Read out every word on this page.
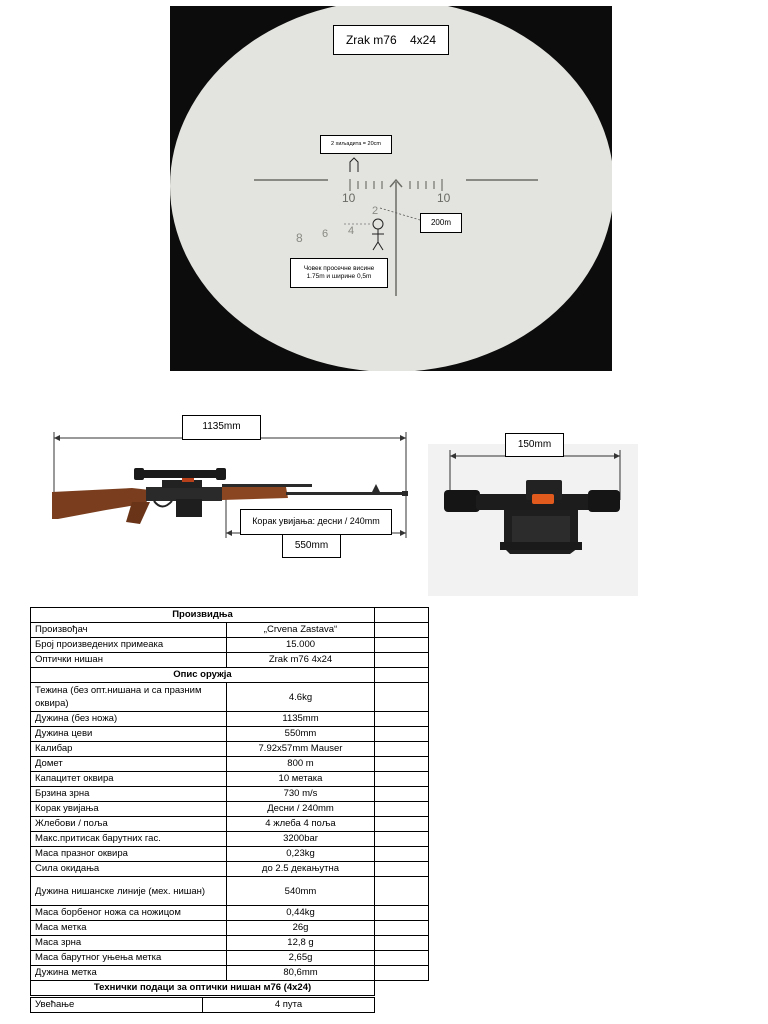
10	10
8 6 4
2
Zrak m76    4x24
2 хиљадита = 20cm
200m
Човек просечне висине
1.75m и ширине 0,5m
1135mm
Корак увијања: десни / 240mm
550mm
150mm
Произвидња		
Произвођач	„Crvena Zastava“	
Број произведених примеака	15.000	
Оптички нишан	Zrak m76 4x24	
Опис оружја		
Тежина (без опт.нишана и са празним оквира)	4.6kg	
Дужина (без ножа)	1135mm	
Дужина цеви	550mm	
Калибар	7.92x57mm Mauser	
Домет	800 m	
Капацитет оквира	10 метака	
Брзина зрна	730 m/s	
Корак увијања	Десни / 240mm	
Жлебови / поља	4 жлеба 4 поља	
Макс.притисак барутних гас.	3200bar	
Маса празног оквира	0,23kg	
Сила окидања	до 2.5 декањутна	
Дужина нишанске линије (мех. нишан)	540mm	
Маса борбеног ножа са ножицом	0,44kg	
Маса метка	26g	
Маса зрна	12,8 g	
Маса барутног уњења метка	2,65g	
Дужина метка	80,6mm	
Технички подаци за оптички нишан м76 (4x24)		
Увећање	4 пута
